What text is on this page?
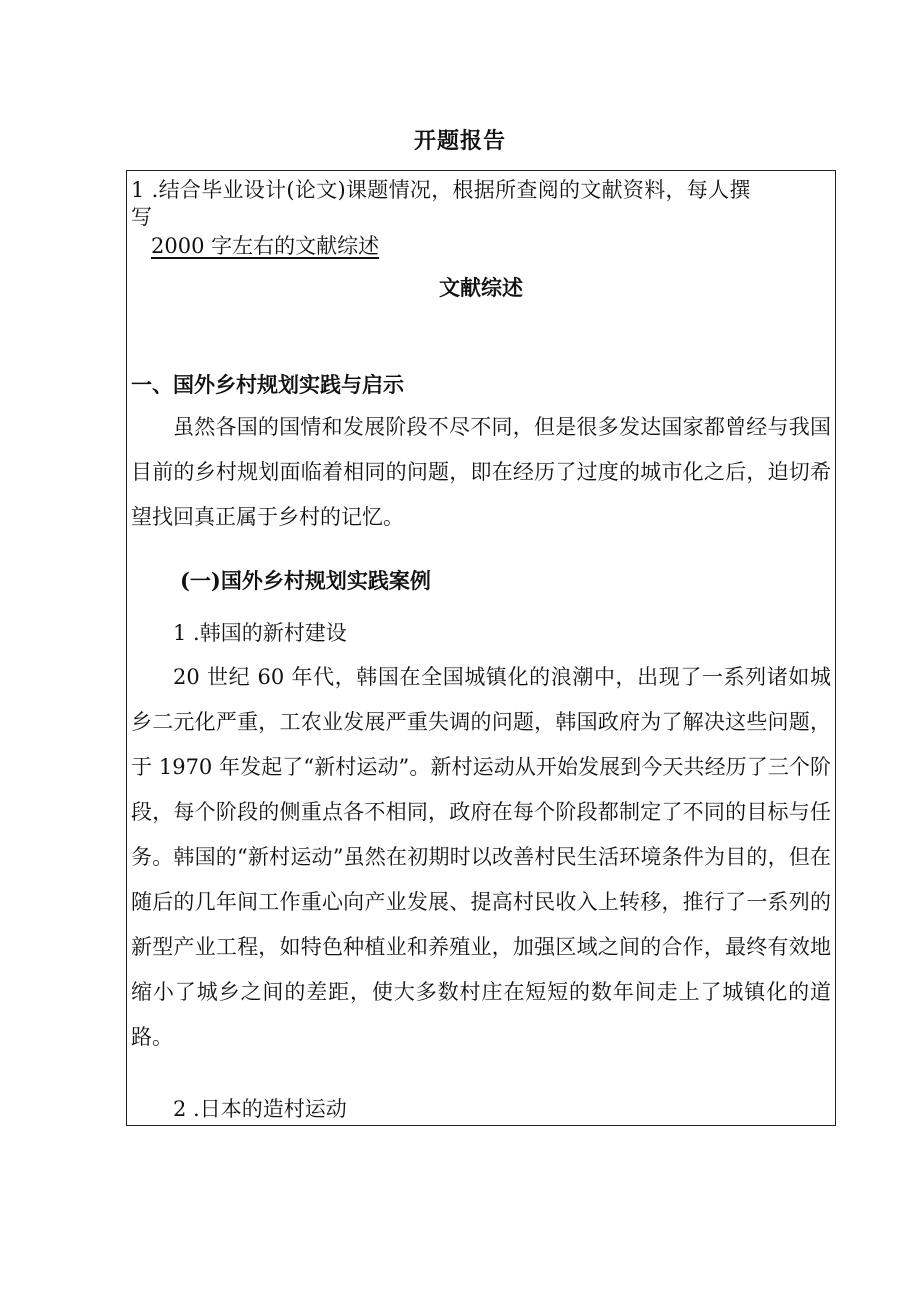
开题报告
1 .结合毕业设计(论文)课题情况，根据所查阅的文献资料，每人撰
写
2000 字左右的文献综述
文献综述
一、国外乡村规划实践与启示
虽然各国的国情和发展阶段不尽不同，但是很多发达国家都曾经与我国目前的乡村规划面临着相同的问题，即在经历了过度的城市化之后，迫切希望找回真正属于乡村的记忆。
(一)国外乡村规划实践案例
1 .韩国的新村建设
20 世纪 60 年代，韩国在全国城镇化的浪潮中，出现了一系列诸如城乡二元化严重，工农业发展严重失调的问题，韩国政府为了解决这些问题，于 1970 年发起了“新村运动”。新村运动从开始发展到今天共经历了三个阶段，每个阶段的侧重点各不相同，政府在每个阶段都制定了不同的目标与任务。韩国的“新村运动”虽然在初期时以改善村民生活环境条件为目的，但在随后的几年间工作重心向产业发展、提高村民收入上转移，推行了一系列的新型产业工程，如特色种植业和养殖业，加强区域之间的合作，最终有效地缩小了城乡之间的差距，使大多数村庄在短短的数年间走上了城镇化的道路。
2 .日本的造村运动
